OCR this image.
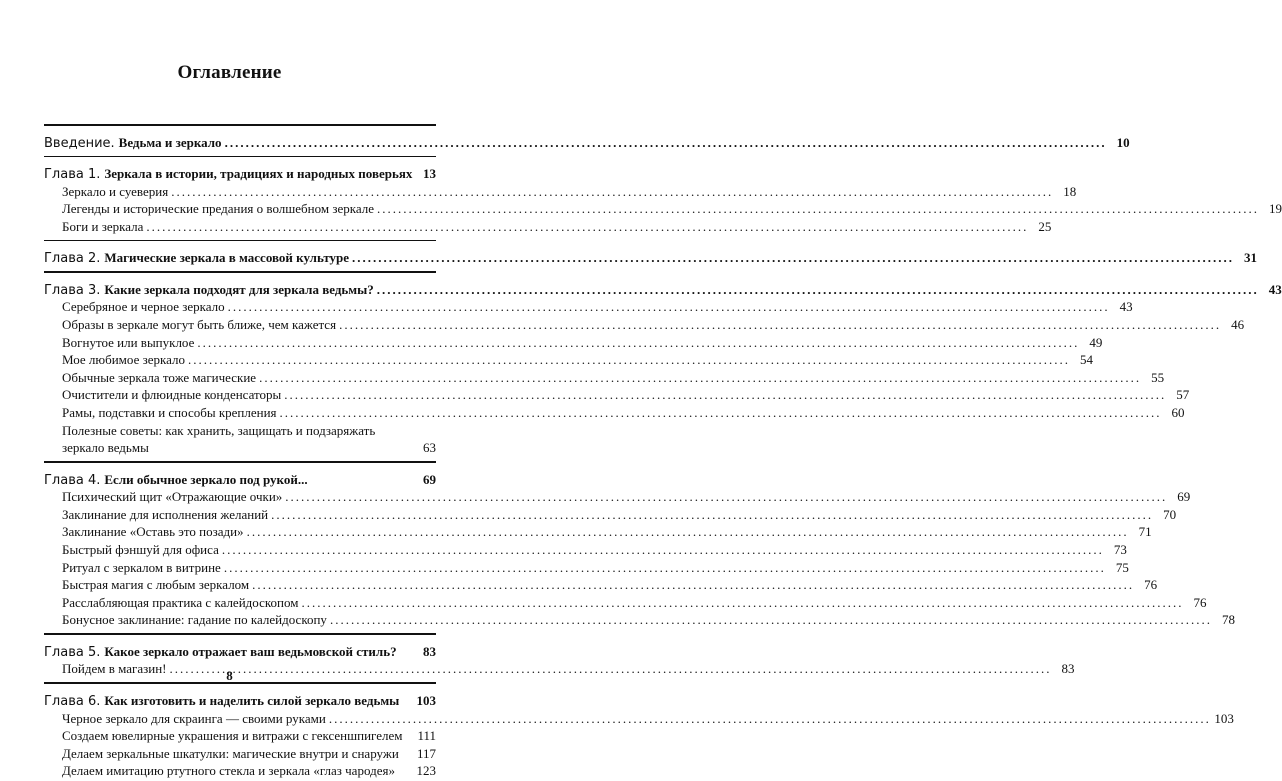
Оглавление
Введение. Ведьма и зеркало .....	10
Глава 1. Зеркала в истории, традициях и народных поверьях 13
Зеркало и суеверия .....	18
Легенды и исторические предания о волшебном зеркале .....	19
Боги и зеркала .....	25
Глава 2. Магические зеркала в массовой культуре .....	31
Глава 3. Какие зеркала подходят для зеркала ведьмы? .....	43
Серебряное и черное зеркало .....	43
Образы в зеркале могут быть ближе, чем кажется .....	46
Вогнутое или выпуклое .....	49
Мое любимое зеркало .....	54
Обычные зеркала тоже магические .....	55
Очистители и флюидные конденсаторы .....	57
Рамы, подставки и способы крепления .....	60
Полезные советы: как хранить, защищать и подзаряжать
зеркало ведьмы	63
Глава 4. Если обычное зеркало под рукой...	69
Психический щит «Отражающие очки» .....	69
Заклинание для исполнения желаний .....	70
Заклинание «Оставь это позади» .....	71
Быстрый фэншуй для офиса .....	73
Ритуал с зеркалом в витрине .....	75
Быстрая магия с любым зеркалом .....	76
Расслабляющая практика с калейдоскопом .....	76
Бонусное заклинание: гадание по калейдоскопу .....	78
Глава 5. Какое зеркало отражает ваш ведьмовской стиль?	83
Пойдем в магазин! .....	83
Глава 6. Как изготовить и наделить силой зеркало ведьмы 103
Черное зеркало для скраинга — своими руками .....	103
Создаем ювелирные украшения и витражи с гексеншпигелем 111
Делаем зеркальные шкатулки: магические внутри и снаружи 117
Делаем имитацию ртутного стекла и зеркала «глаз чародея» 123
8
